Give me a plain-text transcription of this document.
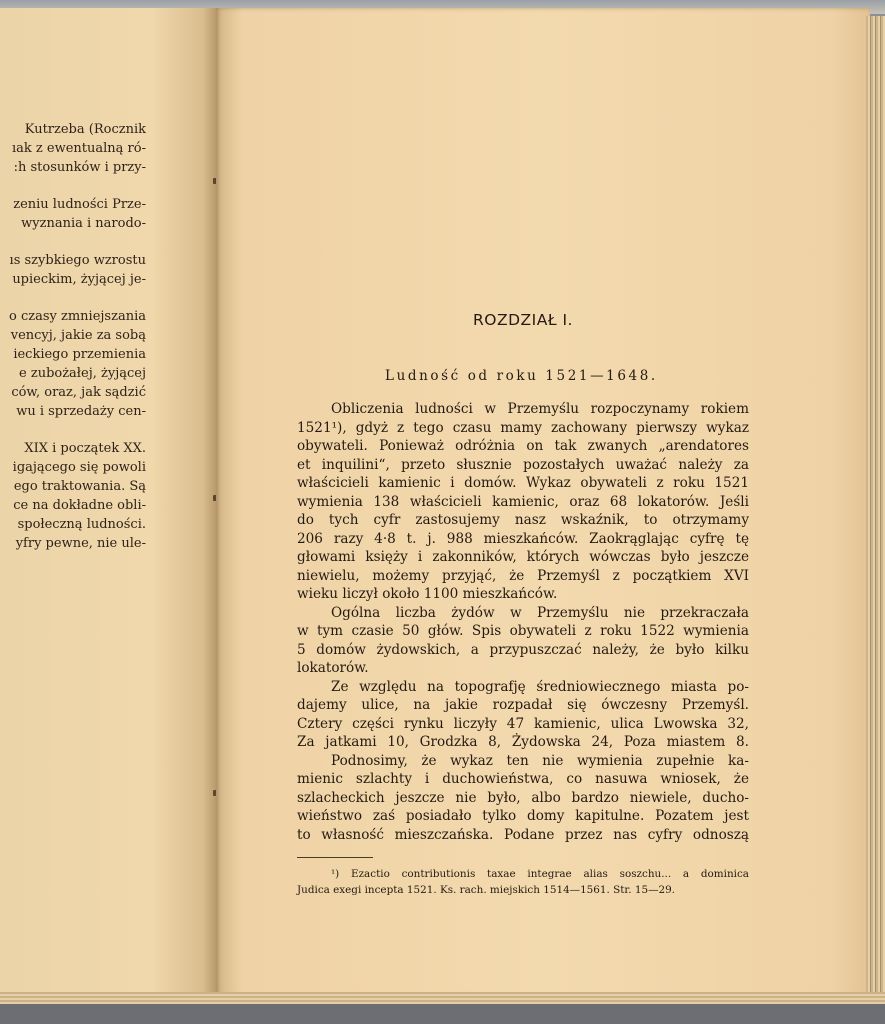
Kutrzeba (Rocznik
ıak z ewentualną ró-
:h stosunków i przy-
zeniu ludności Prze-
wyznania i narodo-
ıs szybkiego wzrostu
upieckim, żyjącej je-
o czasy zmniejszania
vencyj, jakie za sobą
ieckiego przemienia
e zubożałej, żyjącej
ców, oraz, jak sądzić
wu i sprzedaży cen-
XIX i początek XX.
igającego się powoli
ego traktowania. Są
ce na dokładne obli-
społeczną ludności.
yfry pewne, nie ule-
ROZDZIAŁ I.
Ludność od roku 1521—1648.
Obliczenia ludności w Przemyślu rozpoczynamy rokiem
1521¹), gdyż z tego czasu mamy zachowany pierwszy wykaz
obywateli. Ponieważ odróżnia on tak zwanych „arendatores
et inquilini“, przeto słusznie pozostałych uważać należy za
właścicieli kamienic i domów. Wykaz obywateli z roku 1521
wymienia 138 właścicieli kamienic, oraz 68 lokatorów. Jeśli
do tych cyfr zastosujemy nasz wskaźnik, to otrzymamy
206 razy 4·8 t. j. 988 mieszkańców. Zaokrąglając cyfrę tę
głowami księży i zakonników, których wówczas było jeszcze
niewielu, możemy przyjąć, że Przemyśl z początkiem XVI
wieku liczył około 1100 mieszkańców.
Ogólna liczba żydów w Przemyślu nie przekraczała
w tym czasie 50 głów. Spis obywateli z roku 1522 wymienia
5 domów żydowskich, a przypuszczać należy, że było kilku
lokatorów.
Ze względu na topografję średniowiecznego miasta po-
dajemy ulice, na jakie rozpadał się ówczesny Przemyśl.
Cztery części rynku liczyły 47 kamienic, ulica Lwowska 32,
Za jatkami 10, Grodzka 8, Żydowska 24, Poza miastem 8.
Podnosimy, że wykaz ten nie wymienia zupełnie ka-
mienic szlachty i duchowieństwa, co nasuwa wniosek, że
szlacheckich jeszcze nie było, albo bardzo niewiele, ducho-
wieństwo zaś posiadało tylko domy kapitulne. Pozatem jest
to własność mieszczańska. Podane przez nas cyfry odnoszą
¹) Ezactio contributionis taxae integrae alias soszchu... a dominica
Judica exegi incepta 1521. Ks. rach. miejskich 1514—1561. Str. 15—29.
